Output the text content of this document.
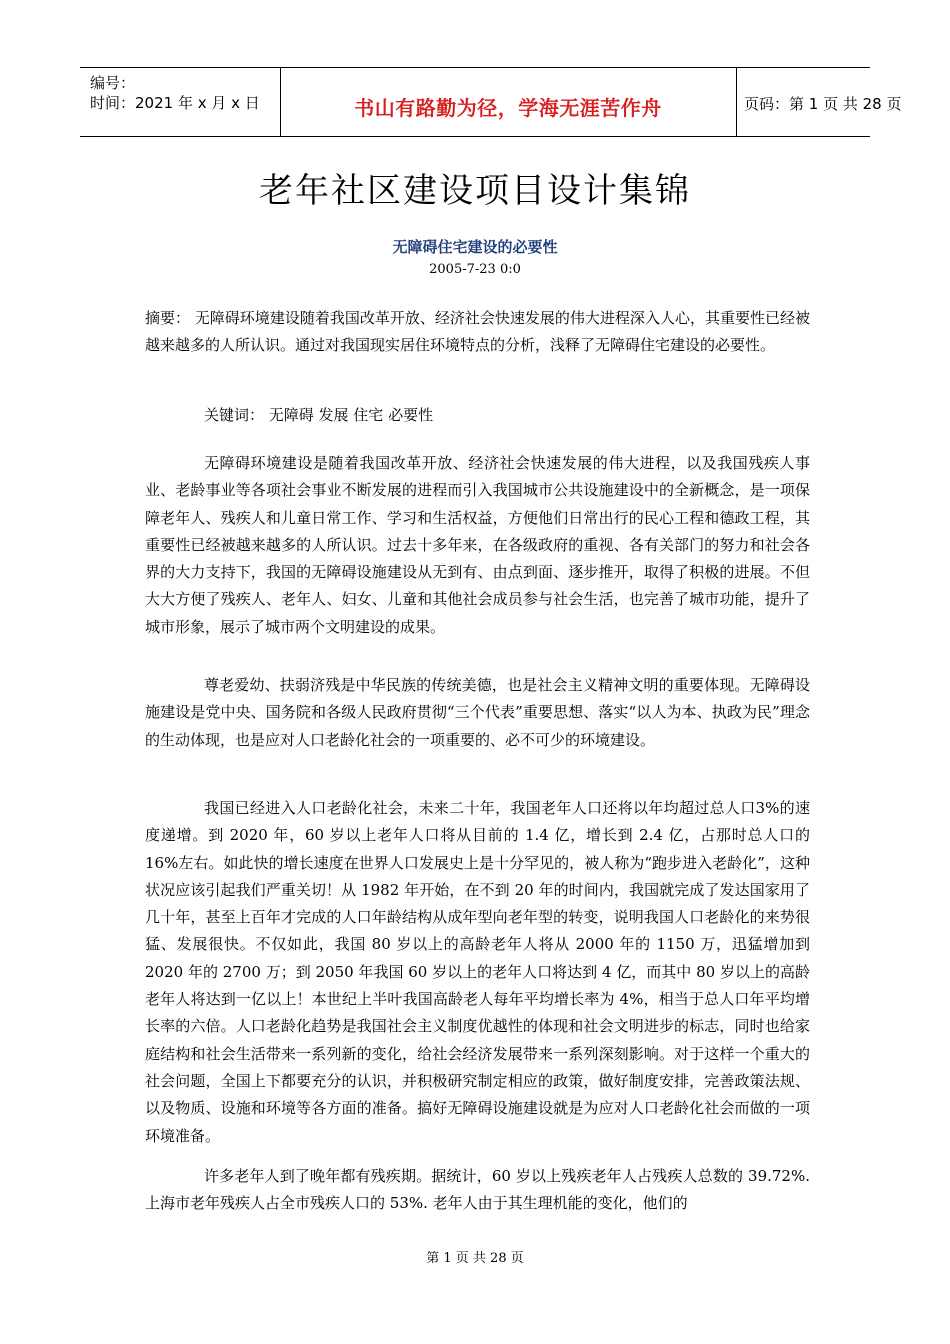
编号：
时间：2021 年 x 月 x 日	书山有路勤为径，学海无涯苦作舟	页码：第 1 页 共 28 页
老年社区建设项目设计集锦
无障碍住宅建设的必要性
2005-7-23 0:0

摘要： 无障碍环境建设随着我国改革开放、经济社会快速发展的伟大进程深入人心，其重要性已经被越来越多的人所认识。通过对我国现实居住环境特点的分析，浅释了无障碍住宅建设的必要性。

关键词： 无障碍 发展 住宅 必要性

无障碍环境建设是随着我国改革开放、经济社会快速发展的伟大进程，以及我国残疾人事业、老龄事业等各项社会事业不断发展的进程而引入我国城市公共设施建设中的全新概念，是一项保障老年人、残疾人和儿童日常工作、学习和生活权益，方便他们日常出行的民心工程和德政工程，其重要性已经被越来越多的人所认识。过去十多年来，在各级政府的重视、各有关部门的努力和社会各界的大力支持下，我国的无障碍设施建设从无到有、由点到面、逐步推开，取得了积极的进展。不但大大方便了残疾人、老年人、妇女、儿童和其他社会成员参与社会生活，也完善了城市功能，提升了城市形象，展示了城市两个文明建设的成果。

尊老爱幼、扶弱济残是中华民族的传统美德，也是社会主义精神文明的重要体现。无障碍设施建设是党中央、国务院和各级人民政府贯彻“三个代表”重要思想、落实“以人为本、执政为民”理念的生动体现，也是应对人口老龄化社会的一项重要的、必不可少的环境建设。

我国已经进入人口老龄化社会，未来二十年，我国老年人口还将以年均超过总人口3%的速度递增。到 2020 年，60 岁以上老年人口将从目前的 1.4 亿，增长到 2.4 亿，占那时总人口的 16%左右。如此快的增长速度在世界人口发展史上是十分罕见的，被人称为“跑步进入老龄化”，这种状况应该引起我们严重关切！从 1982 年开始，在不到 20 年的时间内，我国就完成了发达国家用了几十年，甚至上百年才完成的人口年龄结构从成年型向老年型的转变，说明我国人口老龄化的来势很猛、发展很快。不仅如此，我国 80 岁以上的高龄老年人将从 2000 年的 1150 万，迅猛增加到 2020 年的 2700 万；到 2050 年我国 60 岁以上的老年人口将达到 4 亿，而其中 80 岁以上的高龄老年人将达到一亿以上！本世纪上半叶我国高龄老人每年平均增长率为 4%，相当于总人口年平均增长率的六倍。人口老龄化趋势是我国社会主义制度优越性的体现和社会文明进步的标志，同时也给家庭结构和社会生活带来一系列新的变化，给社会经济发展带来一系列深刻影响。对于这样一个重大的社会问题，全国上下都要充分的认识，并积极研究制定相应的政策，做好制度安排，完善政策法规、以及物质、设施和环境等各方面的准备。搞好无障碍设施建设就是为应对人口老龄化社会而做的一项环境准备。

许多老年人到了晚年都有残疾期。据统计，60 岁以上残疾老年人占残疾人总数的 39.72%. 上海市老年残疾人占全市残疾人口的 53%. 老年人由于其生理机能的变化，他们的

第 1 页 共 28 页
